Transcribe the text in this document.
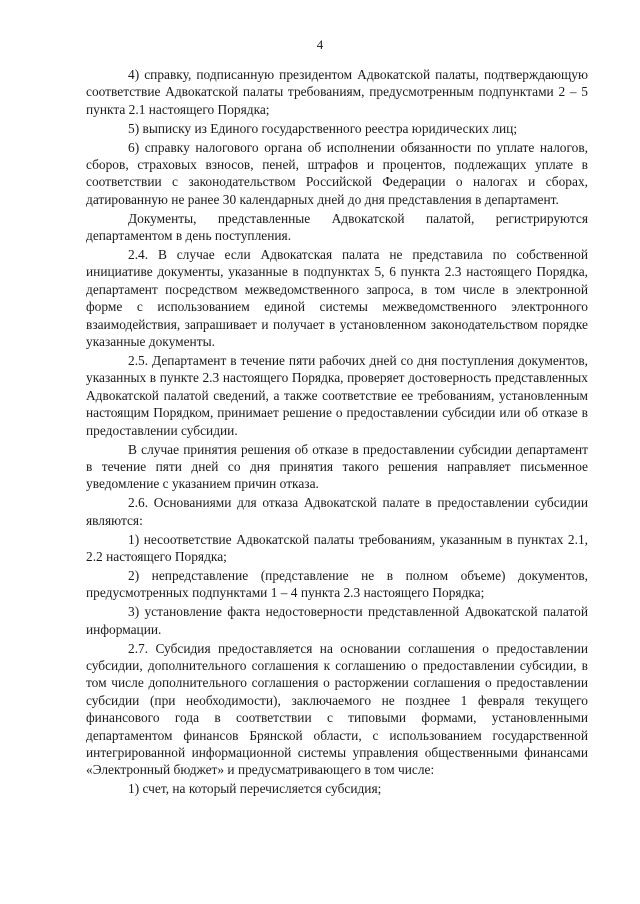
4

4) справку, подписанную президентом Адвокатской палаты, подтверждающую соответствие Адвокатской палаты требованиям, предусмотренным подпунктами 2 – 5 пункта 2.1 настоящего Порядка;

5) выписку из Единого государственного реестра юридических лиц;

6) справку налогового органа об исполнении обязанности по уплате налогов, сборов, страховых взносов, пеней, штрафов и процентов, подлежащих уплате в соответствии с законодательством Российской Федерации о налогах и сборах, датированную не ранее 30 календарных дней до дня представления в департамент.

Документы, представленные Адвокатской палатой, регистрируются департаментом в день поступления.

2.4. В случае если Адвокатская палата не представила по собственной инициативе документы, указанные в подпунктах 5, 6 пункта 2.3 настоящего Порядка, департамент посредством межведомственного запроса, в том числе в электронной форме с использованием единой системы межведомственного электронного взаимодействия, запрашивает и получает в установленном законодательством порядке указанные документы.

2.5. Департамент в течение пяти рабочих дней со дня поступления документов, указанных в пункте 2.3 настоящего Порядка, проверяет достоверность представленных Адвокатской палатой сведений, а также соответствие ее требованиям, установленным настоящим Порядком, принимает решение о предоставлении субсидии или об отказе в предоставлении субсидии.

В случае принятия решения об отказе в предоставлении субсидии департамент в течение пяти дней со дня принятия такого решения направляет письменное уведомление с указанием причин отказа.

2.6. Основаниями для отказа Адвокатской палате в предоставлении субсидии являются:

1) несоответствие Адвокатской палаты требованиям, указанным в пунктах 2.1, 2.2 настоящего Порядка;

2) непредставление (представление не в полном объеме) документов, предусмотренных подпунктами 1 – 4 пункта 2.3 настоящего Порядка;

3) установление факта недостоверности представленной Адвокатской палатой информации.

2.7. Субсидия предоставляется на основании соглашения о предоставлении субсидии, дополнительного соглашения к соглашению о предоставлении субсидии, в том числе дополнительного соглашения о расторжении соглашения о предоставлении субсидии (при необходимости), заключаемого не позднее 1 февраля текущего финансового года в соответствии с типовыми формами, установленными департаментом финансов Брянской области, с использованием государственной интегрированной информационной системы управления общественными финансами «Электронный бюджет» и предусматривающего в том числе:

1) счет, на который перечисляется субсидия;
